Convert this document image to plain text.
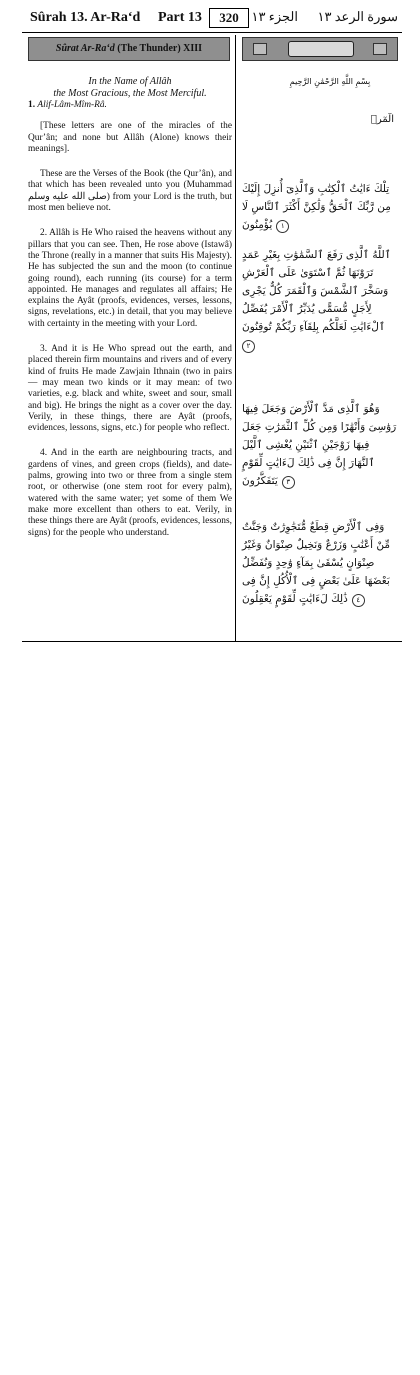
Sûrah 13. Ar-Ra‘d Part 13	320	سورة الرعد ١٣
الجزء ١٣
Sûrat Ar-Ra‘d (The Thunder) XIII
In the Name of Allâh
the Most Gracious, the Most Merciful.

1. Alif-Lâm-Mîm-Râ.

[These letters are one of the miracles of the Qur’ân; and none but Allâh (Alone) knows their meanings].

These are the Verses of the Book (the Qur’ân), and that which has been revealed unto you (Muhammad صلى الله عليه وسلم) from your Lord is the truth, but most men believe not.

2. Allâh is He Who raised the heavens without any pillars that you can see. Then, He rose above (Istawâ) the Throne (really in a manner that suits His Majesty). He has subjected the sun and the moon (to continue going round), each running (its course) for a term appointed. He manages and regulates all affairs; He explains the Ayât (proofs, evidences, verses, lessons, signs, revelations, etc.) in detail, that you may believe with certainty in the meeting with your Lord.

3. And it is He Who spread out the earth, and placed therein firm mountains and rivers and of every kind of fruits He made Zawjain Ithnain (two in pairs — may mean two kinds or it may mean: of two varieties, e.g. black and white, sweet and sour, small and big). He brings the night as a cover over the day. Verily, in these things, there are Ayât (proofs, evidences, lessons, signs, etc.) for people who reflect.

4. And in the earth are neighbouring tracts, and gardens of vines, and green crops (fields), and date-palms, growing into two or three from a single stem root, or otherwise (one stem root for every palm), watered with the same water; yet some of them We make more excellent than others to eat. Verily, in these things there are Ayât (proofs, evidences, lessons, signs) for the people who understand.

بِسْمِ اللَّهِ الرَّحْمَٰنِ الرَّحِيمِ
الٓمٓرۚ
تِلْكَ ءَايَٰتُ ٱلْكِتَٰبِ وَٱلَّذِىٓ أُنزِلَ إِلَيْكَ مِن رَّبِّكَ ٱلْحَقُّ وَلَٰكِنَّ أَكْثَرَ ٱلنَّاسِ لَا يُؤْمِنُونَ ١
ٱللَّهُ ٱلَّذِى رَفَعَ ٱلسَّمَٰوَٰتِ بِغَيْرِ عَمَدٍ تَرَوْنَهَا ثُمَّ ٱسْتَوَىٰ عَلَى ٱلْعَرْشِ وَسَخَّرَ ٱلشَّمْسَ وَٱلْقَمَرَ كُلٌّ يَجْرِى لِأَجَلٍ مُّسَمًّى يُدَبِّرُ ٱلْأَمْرَ يُفَصِّلُ ٱلْءَايَٰتِ لَعَلَّكُم بِلِقَآءِ رَبِّكُمْ تُوقِنُونَ ٢
وَهُوَ ٱلَّذِى مَدَّ ٱلْأَرْضَ وَجَعَلَ فِيهَا رَوَٰسِىَ وَأَنْهَٰرًا وَمِن كُلِّ ٱلثَّمَرَٰتِ جَعَلَ فِيهَا زَوْجَيْنِ ٱثْنَيْنِ يُغْشِى ٱلَّيْلَ ٱلنَّهَارَ إِنَّ فِى ذَٰلِكَ لَءَايَٰتٍ لِّقَوْمٍ يَتَفَكَّرُونَ ٣
وَفِى ٱلْأَرْضِ قِطَعٌ مُّتَجَٰوِرَٰتٌ وَجَنَّٰتٌ مِّنْ أَعْنَٰبٍ وَزَرْعٌ وَنَخِيلٌ صِنْوَانٌ وَغَيْرُ صِنْوَانٍ يُسْقَىٰ بِمَآءٍ وَٰحِدٍ وَنُفَضِّلُ بَعْضَهَا عَلَىٰ بَعْضٍ فِى ٱلْأُكُلِ إِنَّ فِى ذَٰلِكَ لَءَايَٰتٍ لِّقَوْمٍ يَعْقِلُونَ ٤
